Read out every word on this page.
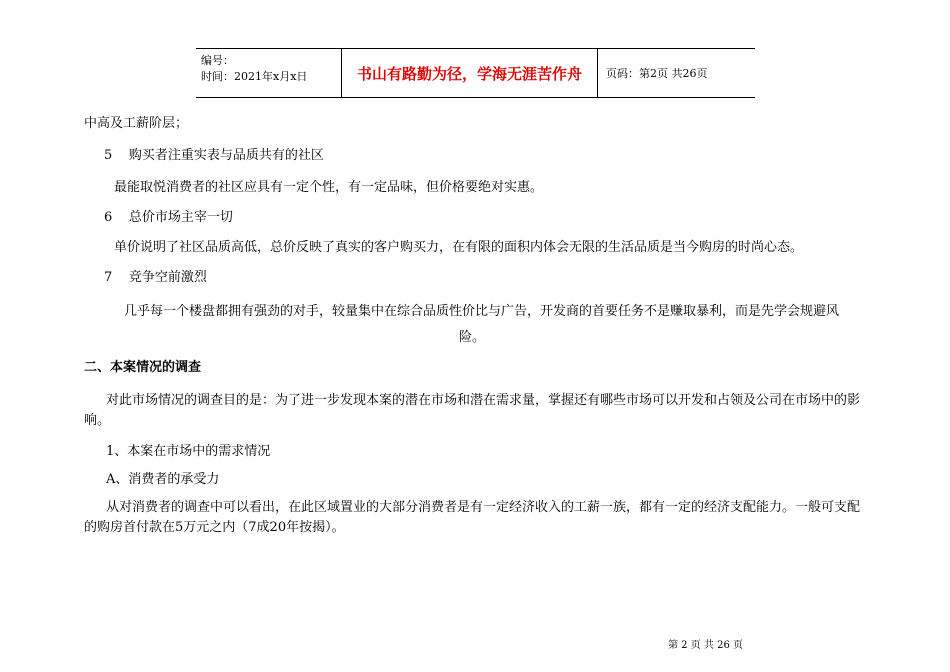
编号：
时间：2021年x月x日	书山有路勤为径，学海无涯苦作舟	页码：第2页 共26页
中高及工薪阶层；
5 购买者注重实表与品质共有的社区
最能取悦消费者的社区应具有一定个性，有一定品味，但价格要绝对实惠。
6 总价市场主宰一切
单价说明了社区品质高低，总价反映了真实的客户购买力，在有限的面积内体会无限的生活品质是当今购房的时尚心态。
7 竞争空前激烈
几乎每一个楼盘都拥有强劲的对手，较量集中在综合品质性价比与广告，开发商的首要任务不是赚取暴利，而是先学会规避风
险。
二、本案情况的调查
对此市场情况的调查目的是：为了进一步发现本案的潜在市场和潜在需求量，掌握还有哪些市场可以开发和占领及公司在市场中的影响。
1、本案在市场中的需求情况
A、消费者的承受力
从对消费者的调查中可以看出，在此区域置业的大部分消费者是有一定经济收入的工薪一族，都有一定的经济支配能力。一般可支配的购房首付款在5万元之内（7成20年按揭）。
第 2 页 共 26 页
